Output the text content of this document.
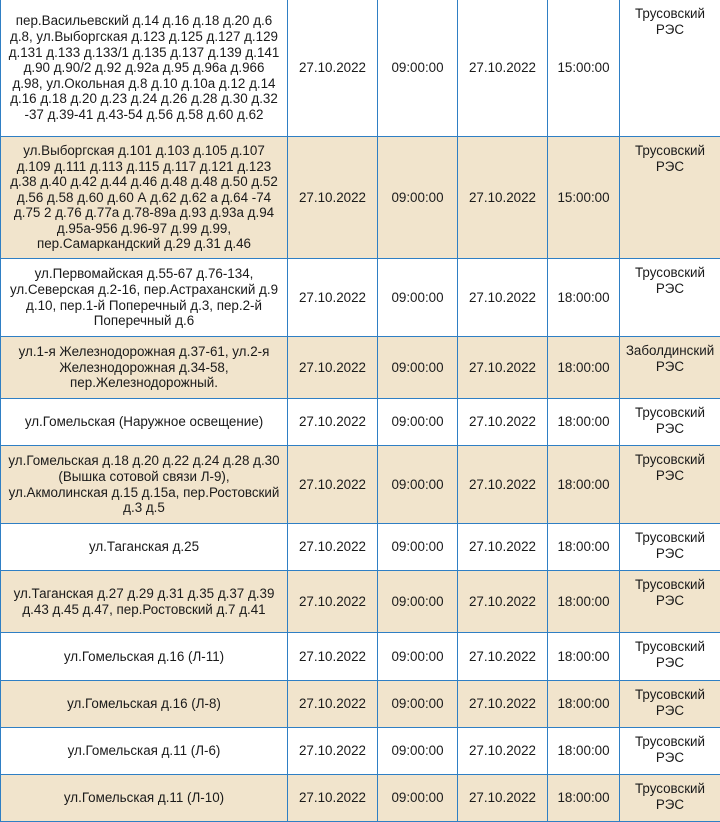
пер.Васильевский д.14 д.16 д.18 д.20 д.6 д.8, ул.Выборгская д.123 д.125 д.127 д.129 д.131 д.133 д.133/1 д.135 д.137 д.139 д.141 д.90 д.90/2 д.92 д.92а д.95 д.96а д.966 д.98, ул.Окольная д.8 д.10 д.10а д.12 д.14 д.16 д.18 д.20 д.23 д.24 д.26 д.28 д.30 д.32 -37 д.39-41 д.43-54 д.56 д.58 д.60 д.62	27.10.2022	09:00:00	27.10.2022	15:00:00	Трусовский РЭС
ул.Выборгская д.101 д.103 д.105 д.107 д.109 д.111 д.113 д.115 д.117 д.121 д.123 д.38 д.40 д.42 д.44 д.46 д.48 д.48 д.50 д.52 д.56 д.58 д.60 д.60 А д.62 д.62 а д.64 -74 д.75 2 д.76 д.77а д.78-89а д.93 д.93а д.94 д.95а-956 д.96-97 д.99 д.99, пер.Самаркандский д.29 д.31 д.46	27.10.2022	09:00:00	27.10.2022	15:00:00	Трусовский РЭС
ул.Первомайская д.55-67 д.76-134, ул.Северская д.2-16, пер.Астраханский д.9 д.10, пер.1-й Поперечный д.3, пер.2-й Поперечный д.6	27.10.2022	09:00:00	27.10.2022	18:00:00	Трусовский РЭС
ул.1-я Железнодорожная д.37-61, ул.2-я Железнодорожная д.34-58, пер.Железнодорожный.	27.10.2022	09:00:00	27.10.2022	18:00:00	Заболдинский РЭС
ул.Гомельская (Наружное освещение)	27.10.2022	09:00:00	27.10.2022	18:00:00	Трусовский РЭС
ул.Гомельская д.18 д.20 д.22 д.24 д.28 д.30 (Вышка сотовой связи Л-9), ул.Акмолинская д.15 д.15а, пер.Ростовский д.3 д.5	27.10.2022	09:00:00	27.10.2022	18:00:00	Трусовский РЭС
ул.Таганская д.25	27.10.2022	09:00:00	27.10.2022	18:00:00	Трусовский РЭС
ул.Таганская д.27 д.29 д.31 д.35 д.37 д.39 д.43 д.45 д.47, пер.Ростовский д.7 д.41	27.10.2022	09:00:00	27.10.2022	18:00:00	Трусовский РЭС
ул.Гомельская д.16 (Л-11)	27.10.2022	09:00:00	27.10.2022	18:00:00	Трусовский РЭС
ул.Гомельская д.16 (Л-8)	27.10.2022	09:00:00	27.10.2022	18:00:00	Трусовский РЭС
ул.Гомельская д.11 (Л-6)	27.10.2022	09:00:00	27.10.2022	18:00:00	Трусовский РЭС
ул.Гомельская д.11 (Л-10)	27.10.2022	09:00:00	27.10.2022	18:00:00	Трусовский РЭС
